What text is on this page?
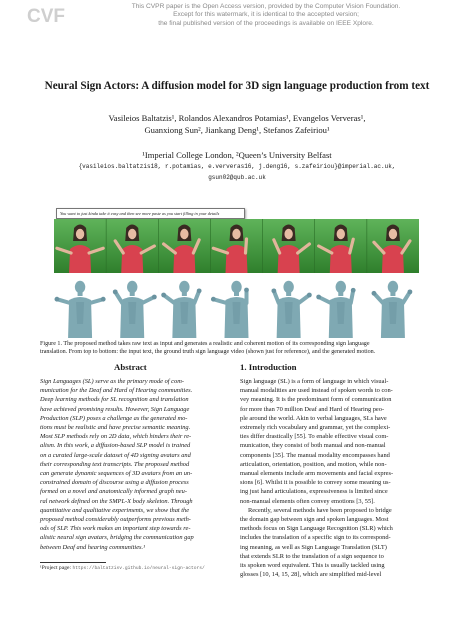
CVF	This CVPR paper is the Open Access version, provided by the Computer Vision Foundation.
Except for this watermark, it is identical to the accepted version;
the final published version of the proceedings is available on IEEE Xplore.
Neural Sign Actors: A diffusion model for 3D sign language production from text
Vasileios Baltatzis¹, Rolandos Alexandros Potamias¹, Evangelos Ververas¹,
Guanxiong Sun², Jiankang Deng¹, Stefanos Zafeiriou¹
¹Imperial College London, ²Queen’s University Belfast
{vasileios.baltatzis18, r.potamias, e.ververas16, j.deng16, s.zafeiriou}@imperial.ac.uk,
gsun02@qub.ac.uk
You want to just kinda take it easy and then see more paste as you start filling in your details
Figure 1. The proposed method takes raw text as input and generates a realistic and coherent motion of its corresponding sign language
translation. From top to bottom: the input text, the ground truth sign language video (shown just for reference), and the generated motion.
Abstract	1. Introduction
Sign Languages (SL) serve as the primary mode of com-
munication for the Deaf and Hard of Hearing communities.
Deep learning methods for SL recognition and translation
have achieved promising results. However, Sign Language
Production (SLP) poses a challenge as the generated mo-
tions must be realistic and have precise semantic meaning.
Most SLP methods rely on 2D data, which hinders their re-
alism. In this work, a diffusion-based SLP model is trained
on a curated large-scale dataset of 4D signing avatars and
their corresponding text transcripts. The proposed method
can generate dynamic sequences of 3D avatars from an un-
constrained domain of discourse using a diffusion process
formed on a novel and anatomically informed graph neu-
ral network defined on the SMPL-X body skeleton. Through
quantitative and qualitative experiments, we show that the
proposed method considerably outperforms previous meth-
ods of SLP. This work makes an important step towards re-
alistic neural sign avatars, bridging the communication gap
between Deaf and hearing communities.¹
Sign language (SL) is a form of language in which visual-
manual modalities are used instead of spoken words to con-
vey meaning. It is the predominant form of communication
for more than 70 million Deaf and Hard of Hearing peo-
ple around the world. Akin to verbal languages, SLs have
extremely rich vocabulary and grammar, yet the complexi-
ties differ drastically [55]. To enable effective visual com-
munication, they consist of both manual and non-manual
components [35]. The manual modality encompasses hand
articulation, orientation, position, and motion, while non-
manual elements include arm movements and facial expres-
sions [6]. Whilst it is possible to convey some meaning us-
ing just hand articulations, expressiveness is limited since
non-manual elements often convey emotions [3, 55].
Recently, several methods have been proposed to bridge
the domain gap between sign and spoken languages. Most
methods focus on Sign Language Recognition (SLR) which
includes the translation of a specific sign to its correspond-
ing meaning, as well as Sign Language Translation (SLT)
that extends SLR to the translation of a sign sequence to
its spoken word equivalent. This is usually tackled using
glosses [10, 14, 15, 28], which are simplified mid-level
¹Project page: https://baltatzisv.github.io/neural-sign-actors/
